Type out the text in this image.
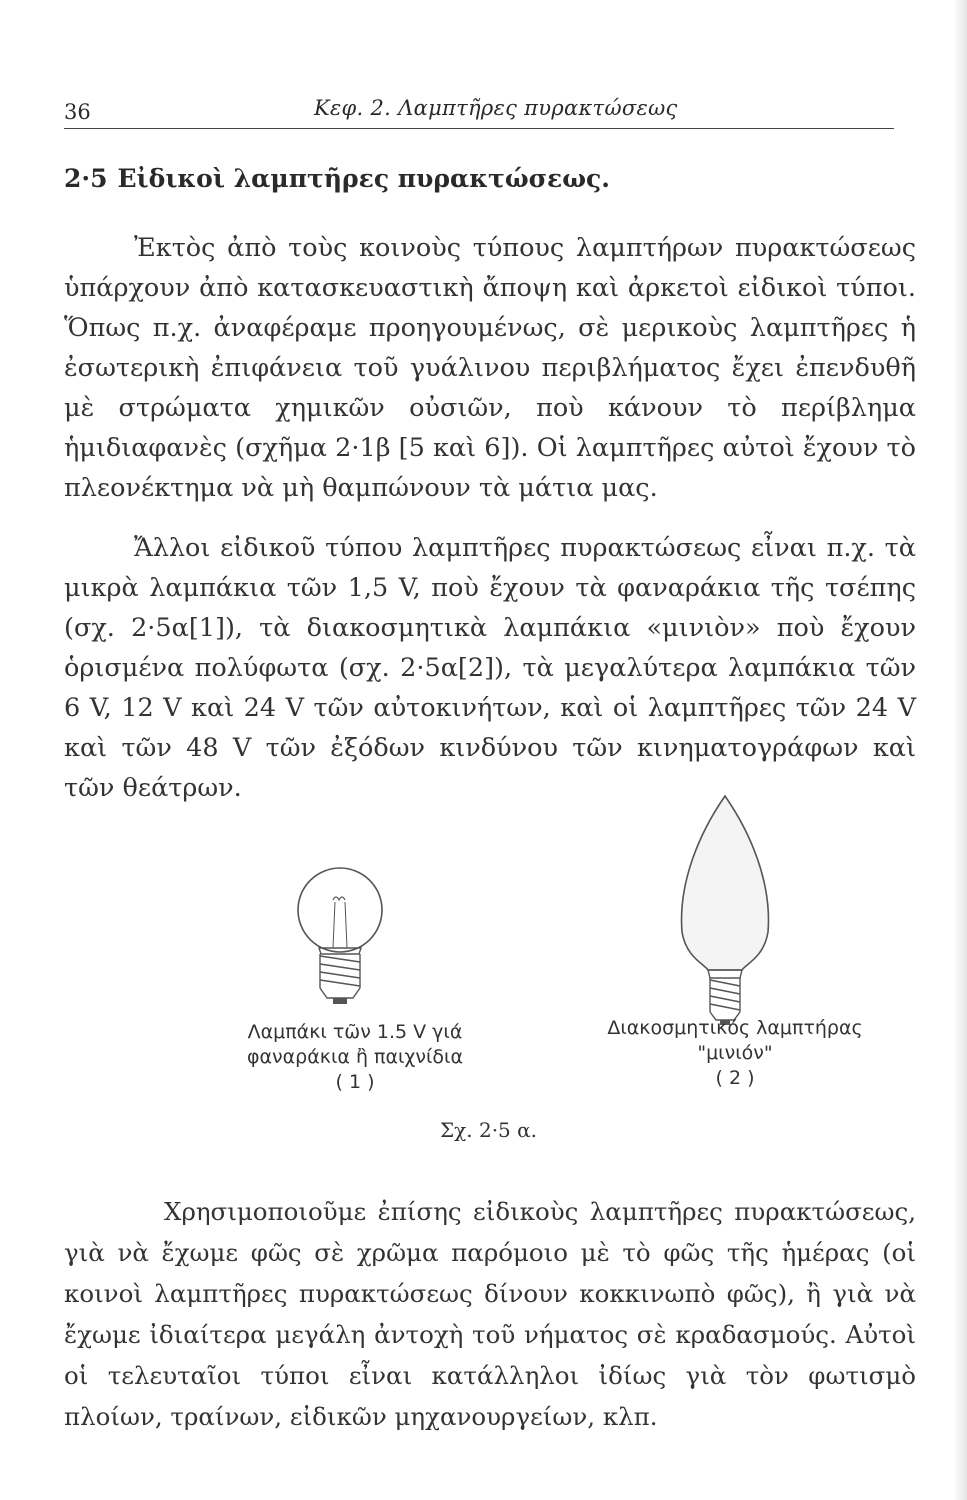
36	Κεφ. 2. Λαμπτῆρες πυρακτώσεως
2·5 Εἰδικοὶ λαμπτῆρες πυρακτώσεως.

Ἐκτὸς ἀπὸ τοὺς κοινοὺς τύπους λαμπτήρων πυρακτώσεως ὑπάρχουν ἀπὸ κατασκευαστικὴ ἄποψη καὶ ἀρκετοὶ εἰδικοὶ τύποι. Ὅπως π.χ. ἀναφέραμε προηγουμένως, σὲ μερικοὺς λαμπτῆρες ἡ ἐσωτερικὴ ἐπιφάνεια τοῦ γυάλινου περιβλήματος ἔχει ἐπενδυθῆ μὲ στρώματα χημικῶν οὐσιῶν, ποὺ κάνουν τὸ περίβλημα ἡμιδιαφανὲς (σχῆμα 2·1β [5 καὶ 6]). Οἱ λαμπτῆρες αὐτοὶ ἔχουν τὸ πλεονέκτημα νὰ μὴ θαμπώνουν τὰ μάτια μας.

Ἄλλοι εἰδικοῦ τύπου λαμπτῆρες πυρακτώσεως εἶναι π.χ. τὰ μικρὰ λαμπάκια τῶν 1,5 V, ποὺ ἔχουν τὰ φαναράκια τῆς τσέπης (σχ. 2·5α[1]), τὰ διακοσμητικὰ λαμπάκια «μινιὸν» ποὺ ἔχουν ὁρισμένα πολύφωτα (σχ. 2·5α[2]), τὰ μεγαλύτερα λαμπάκια τῶν 6 V, 12 V καὶ 24 V τῶν αὐτοκινήτων, καὶ οἱ λαμπτῆρες τῶν 24 V καὶ τῶν 48 V τῶν ἐξόδων κινδύνου τῶν κινηματογράφων καὶ τῶν θεάτρων.

Λαμπάκι τῶν 1.5 V γιά
φαναράκια ἢ παιχνίδια
( 1 )
Διακοσμητικός λαμπτήρας
"μινιόν"
( 2 )
Σχ. 2·5 α.

Χρησιμοποιοῦμε ἐπίσης εἰδικοὺς λαμπτῆρες πυρακτώσεως, γιὰ νὰ ἔχωμε φῶς σὲ χρῶμα παρόμοιο μὲ τὸ φῶς τῆς ἡμέρας (οἱ κοινοὶ λαμπτῆρες πυρακτώσεως δίνουν κοκκινωπὸ φῶς), ἢ γιὰ νὰ ἔχωμε ἰδιαίτερα μεγάλη ἀντοχὴ τοῦ νήματος σὲ κραδασμούς. Αὐτοὶ οἱ τελευταῖοι τύποι εἶναι κατάλληλοι ἰδίως γιὰ τὸν φωτισμὸ πλοίων, τραίνων, εἰδικῶν μηχανουργείων, κλπ.
